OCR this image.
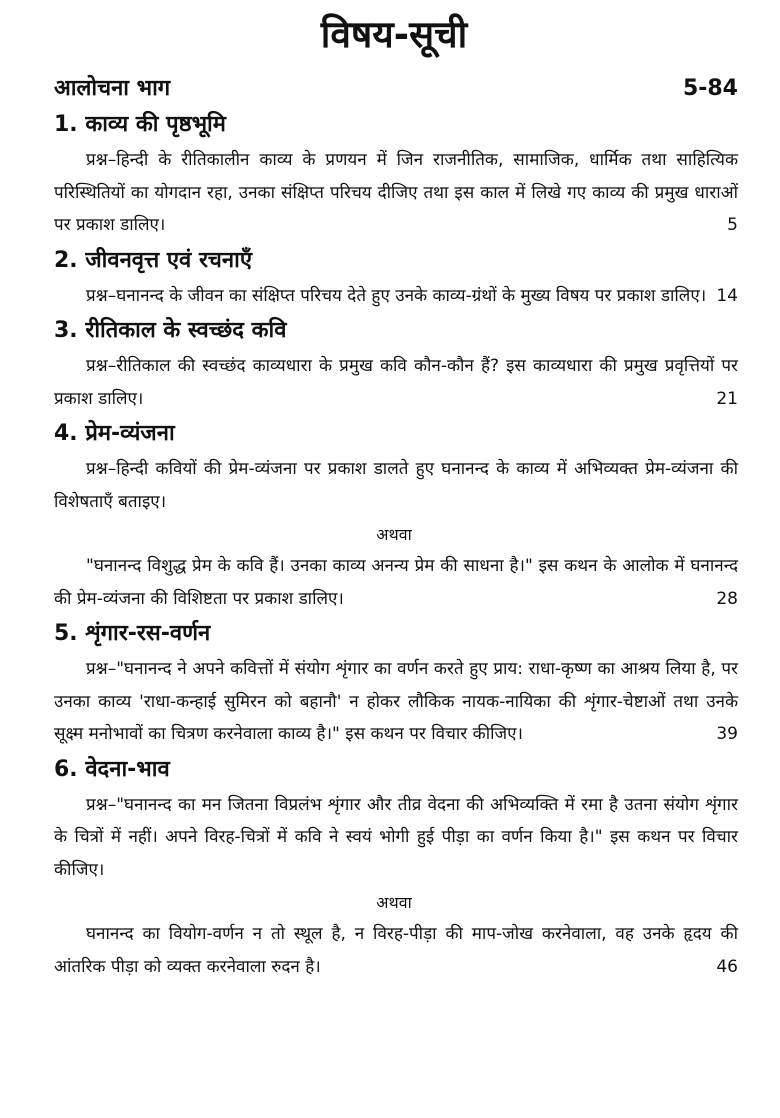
विषय-सूची
आलोचना भाग	5-84
1. काव्य की पृष्ठभूमि
प्रश्न–हिन्दी के रीतिकालीन काव्य के प्रणयन में जिन राजनीतिक, सामाजिक, धार्मिक तथा साहित्यिक परिस्थितियों का योगदान रहा, उनका संक्षिप्त परिचय दीजिए तथा इस काल में लिखे गए काव्य की प्रमुख धाराओं पर प्रकाश डालिए।	5
2. जीवनवृत्त एवं रचनाएँ
प्रश्न–घनानन्द के जीवन का संक्षिप्त परिचय देते हुए उनके काव्य-ग्रंथों के मुख्य विषय पर प्रकाश डालिए। 14
3. रीतिकाल के स्वच्छंद कवि
प्रश्न–रीतिकाल की स्वच्छंद काव्यधारा के प्रमुख कवि कौन-कौन हैं? इस काव्यधारा की प्रमुख प्रवृत्तियों पर प्रकाश डालिए।	21
4. प्रेम-व्यंजना
प्रश्न–हिन्दी कवियों की प्रेम-व्यंजना पर प्रकाश डालते हुए घनानन्द के काव्य में अभिव्यक्त प्रेम-व्यंजना की विशेषताएँ बताइए।
अथवा
"घनानन्द विशुद्ध प्रेम के कवि हैं। उनका काव्य अनन्य प्रेम की साधना है।" इस कथन के आलोक में घनानन्द की प्रेम-व्यंजना की विशिष्टता पर प्रकाश डालिए।	28
5. शृंगार-रस-वर्णन
प्रश्न–"घनानन्द ने अपने कवित्तों में संयोग शृंगार का वर्णन करते हुए प्राय: राधा-कृष्ण का आश्रय लिया है, पर उनका काव्य 'राधा-कन्हाई सुमिरन को बहानौ' न होकर लौकिक नायक-नायिका की शृंगार-चेष्टाओं तथा उनके सूक्ष्म मनोभावों का चित्रण करनेवाला काव्य है।" इस कथन पर विचार कीजिए।	39
6. वेदना-भाव
प्रश्न–"घनानन्द का मन जितना विप्रलंभ शृंगार और तीव्र वेदना की अभिव्यक्ति में रमा है उतना संयोग शृंगार के चित्रों में नहीं। अपने विरह-चित्रों में कवि ने स्वयं भोगी हुई पीड़ा का वर्णन किया है।" इस कथन पर विचार कीजिए।
अथवा
घनानन्द का वियोग-वर्णन न तो स्थूल है, न विरह-पीड़ा की माप-जोख करनेवाला, वह उनके हृदय की आंतरिक पीड़ा को व्यक्त करनेवाला रुदन है।	46
